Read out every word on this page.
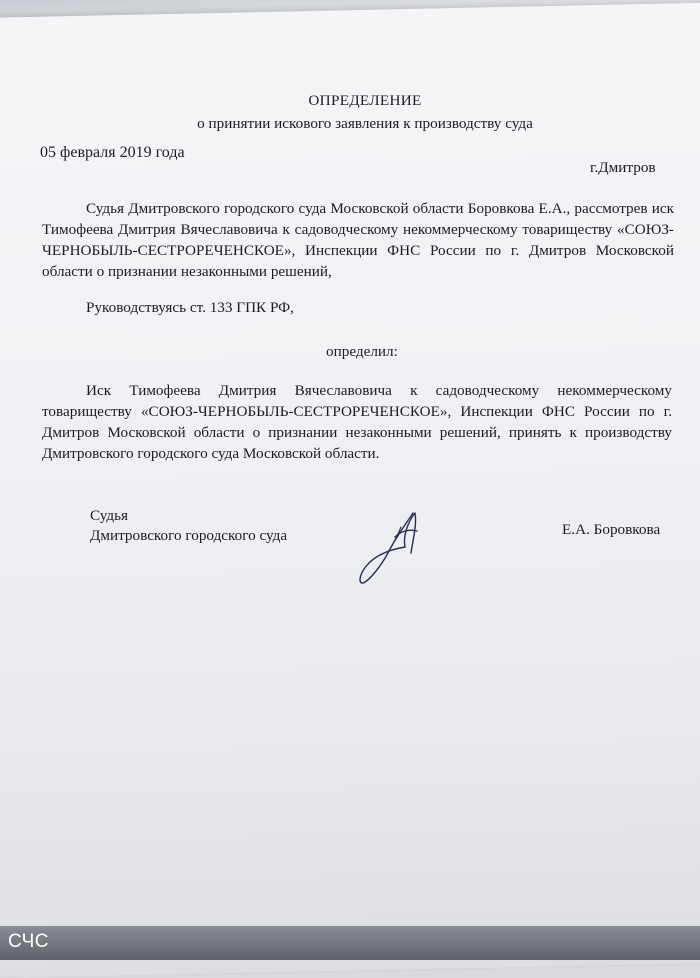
ОПРЕДЕЛЕНИЕ
о принятии искового заявления к производству суда
05 февраля 2019 года
г.Дмитров
Судья Дмитровского городского суда Московской области Боровкова Е.А., рассмотрев иск Тимофеева Дмитрия Вячеславовича к садоводческому некоммерческому товариществу «СОЮЗ-ЧЕРНОБЫЛЬ-СЕСТРОРЕЧЕНСКОЕ», Инспекции ФНС России по г. Дмитров Московской области о признании незаконными решений,
Руководствуясь ст. 133 ГПК РФ,
определил:
Иск Тимофеева Дмитрия Вячеславовича к садоводческому некоммерческому товариществу «СОЮЗ-ЧЕРНОБЫЛЬ-СЕСТРОРЕЧЕНСКОЕ», Инспекции ФНС России по г. Дмитров Московской области о признании незаконными решений, принять к производству Дмитровского городского суда Московской области.
Судья
Дмитровского городского суда	Е.А. Боровкова
СЧС
